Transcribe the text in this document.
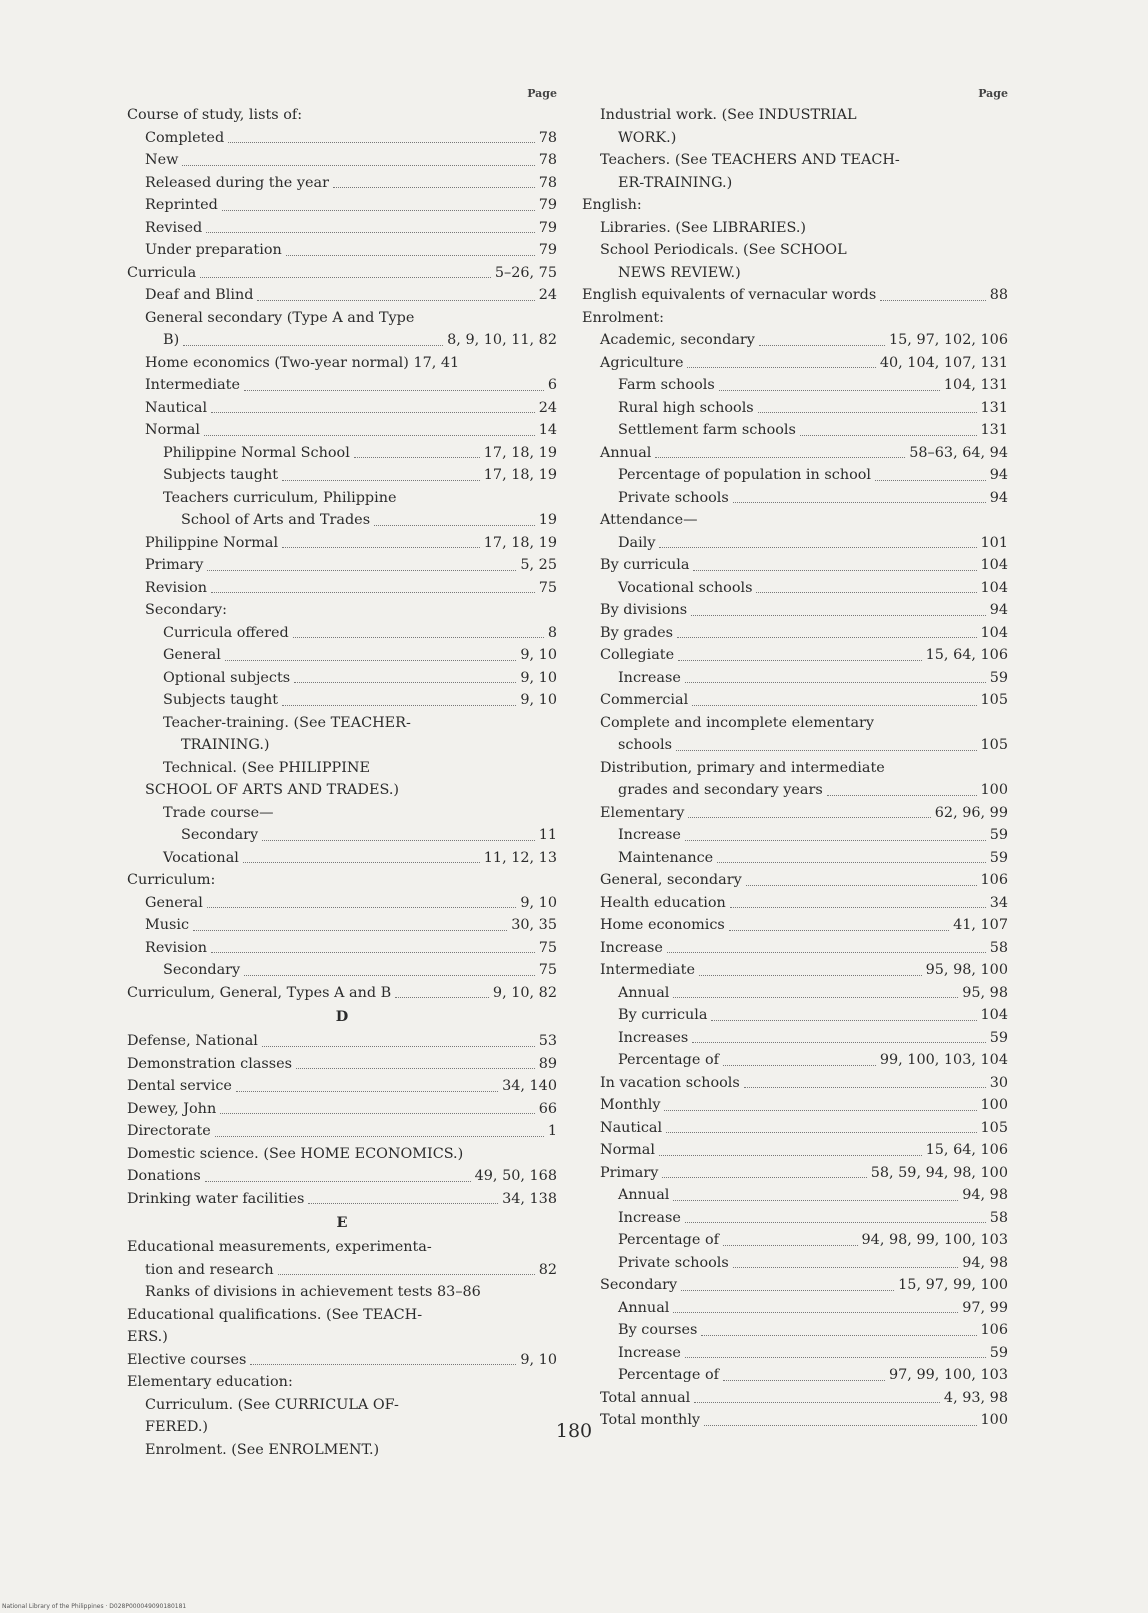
Page
Course of study, lists of:
Completed	78
New	78
Released during the year	78
Reprinted	79
Revised	79
Under preparation	79
Curricula	5–26, 75
Deaf and Blind	24
General secondary (Type A and Type
B)	8, 9, 10, 11, 82
Home economics (Two-year normal) 17, 41
Intermediate	6
Nautical	24
Normal	14
Philippine Normal School	17, 18, 19
Subjects taught	17, 18, 19
Teachers curriculum, Philippine
School of Arts and Trades	19
Philippine Normal	17, 18, 19
Primary	5, 25
Revision	75
Secondary:
Curricula offered	8
General	9, 10
Optional subjects	9, 10
Subjects taught	9, 10
Teacher-training. (See TEACHER-
TRAINING.)
Technical. (See PHILIPPINE
SCHOOL OF ARTS AND TRADES.)
Trade course—
Secondary	11
Vocational	11, 12, 13
Curriculum:
General	9, 10
Music	30, 35
Revision	75
Secondary	75
Curriculum, General, Types A and B	9, 10, 82
D
Defense, National	53
Demonstration classes	89
Dental service	34, 140
Dewey, John	66
Directorate	1
Domestic science. (See HOME ECONOMICS.)
Donations	49, 50, 168
Drinking water facilities	34, 138
E
Educational measurements, experimenta-
tion and research	82
Ranks of divisions in achievement tests 83–86
Educational qualifications. (See TEACH-
ERS.)
Elective courses	9, 10
Elementary education:
Curriculum. (See CURRICULA OF-
FERED.)
Enrolment. (See ENROLMENT.)
Page
Industrial work. (See INDUSTRIAL
WORK.)
Teachers. (See TEACHERS AND TEACH-
ER-TRAINING.)
English:
Libraries. (See LIBRARIES.)
School Periodicals. (See SCHOOL
NEWS REVIEW.)
English equivalents of vernacular words	88
Enrolment:
Academic, secondary	15, 97, 102, 106
Agriculture	40, 104, 107, 131
Farm schools	104, 131
Rural high schools	131
Settlement farm schools	131
Annual	58–63, 64, 94
Percentage of population in school	94
Private schools	94
Attendance—
Daily	101
By curricula	104
Vocational schools	104
By divisions	94
By grades	104
Collegiate	15, 64, 106
Increase	59
Commercial	105
Complete and incomplete elementary
schools	105
Distribution, primary and intermediate
grades and secondary years	100
Elementary	62, 96, 99
Increase	59
Maintenance	59
General, secondary	106
Health education	34
Home economics	41, 107
Increase	58
Intermediate	95, 98, 100
Annual	95, 98
By curricula	104
Increases	59
Percentage of	99, 100, 103, 104
In vacation schools	30
Monthly	100
Nautical	105
Normal	15, 64, 106
Primary	58, 59, 94, 98, 100
Annual	94, 98
Increase	58
Percentage of	94, 98, 99, 100, 103
Private schools	94, 98
Secondary	15, 97, 99, 100
Annual	97, 99
By courses	106
Increase	59
Percentage of	97, 99, 100, 103
Total annual	4, 93, 98
Total monthly	100
180
National Library of the Philippines · D028P000049090180181
